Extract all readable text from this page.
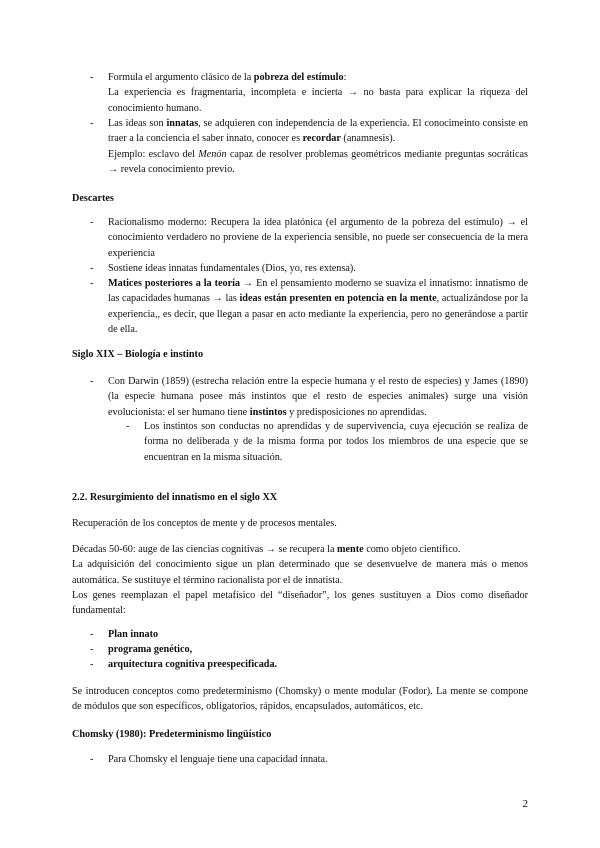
- Formula el argumento clásico de la pobreza del estímulo:

La experiencia es fragmentaria, incompleta e incierta → no basta para explicar la riqueza del conocimiento humano.

- Las ideas son innatas, se adquieren con independencia de la experiencia. El conocimeinto consiste en traer a la conciencia el saber innato, conocer es recordar (anamnesis).

Ejemplo: esclavo del Menón capaz de resolver problemas geométricos mediante preguntas socráticas → revela conocimiento previo.

Descartes
- Racionalismo moderno: Recupera la idea platónica (el argumento de la pobreza del estímulo) → el conocimiento verdadero no proviene de la experiencia sensible, no puede ser consecuencia de la mera experiencia
- Sostiene ideas innatas fundamentales (Dios, yo, res extensa).
- Matices posteriores a la teoría → En el pensamiento moderno se suaviza el innatismo: innatismo de las capacidades humanas → las ideas están presenten en potencia en la mente, actualizándose por la experiencia,, es decir, que llegan a pasar en acto mediante la experiencia, pero no generándose a partir de ella.
Siglo XIX – Biología e instinto
- Con Darwin (1859) (estrecha relación entre la especie humana y el resto de especies) y James (1890) (la especie humana posee más instintos que el resto de especies animales) surge una visión evolucionista: el ser humano tiene instintos y predisposiciones no aprendidas.
- Los instintos son conductas no aprendidas y de supervivencia, cuya ejecución se realiza de forma no deliberada y de la misma forma por todos los miembros de una especie que se encuentran en la misma situación.
2.2. Resurgimiento del innatismo en el siglo XX
Recuperación de los conceptos de mente y de procesos mentales.

Décadas 50-60: auge de las ciencias cognitivas → se recupera la mente como objeto científico.

La adquisición del conocimiento sigue un plan determinado que se desenvuelve de manera más o menos automática. Se sustituye el término racionalista por el de innatista.

Los genes reemplazan el papel metafísico del “diseñador”, los genes sustituyen a Dios como diseñador fundamental:

- Plan innato
- programa genético,
- arquitectura cognitiva preespecificada.
Se introducen conceptos como predeterminismo (Chomsky) o mente modular (Fodor). La mente se compone de módulos que son específicos, obligatorios, rápidos, encapsulados, automáticos, etc.
Chomsky (1980): Predeterminismo lingüístico
- Para Chomsky el lenguaje tiene una capacidad innata.
2
